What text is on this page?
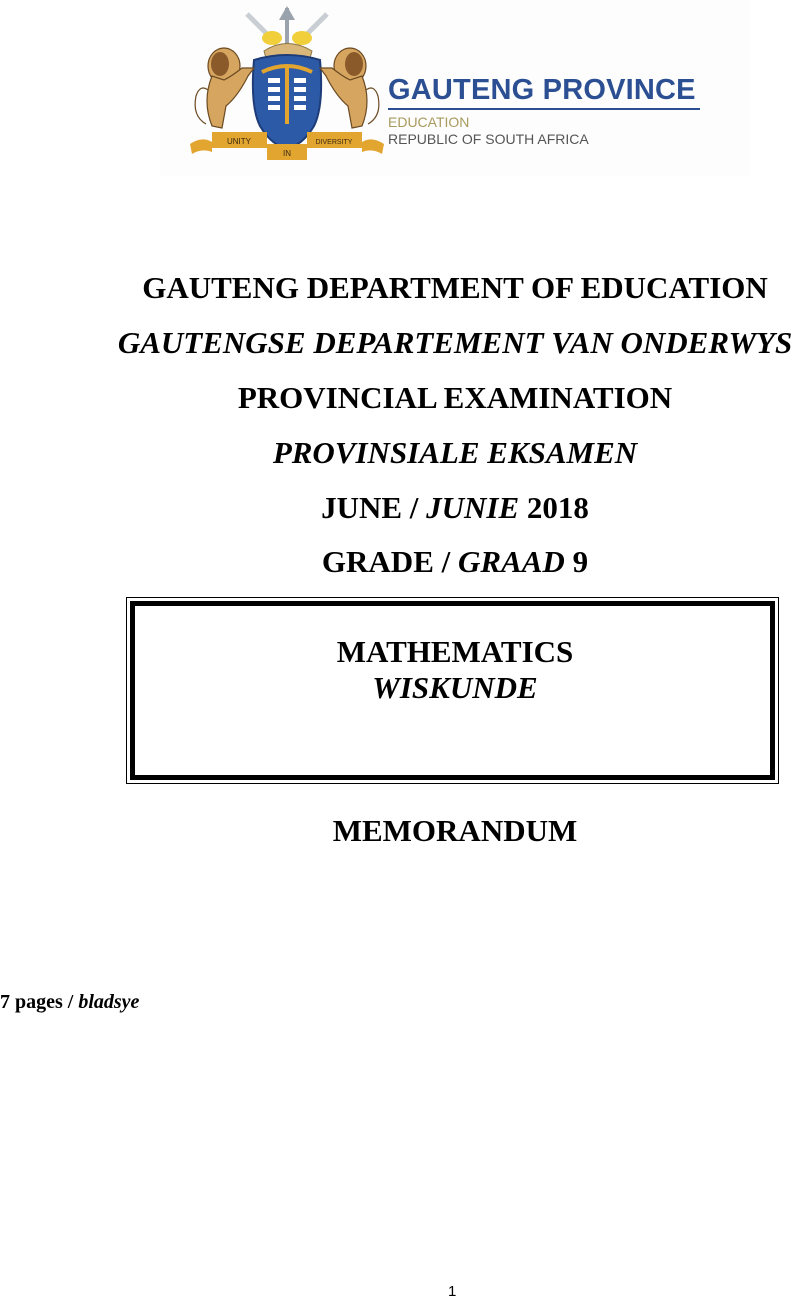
UNITY
IN
DIVERSITY
GAUTENG PROVINCE
EDUCATION
REPUBLIC OF SOUTH AFRICA
GAUTENG DEPARTMENT OF EDUCATION
GAUTENGSE DEPARTEMENT VAN ONDERWYS
PROVINCIAL EXAMINATION
PROVINSIALE EKSAMEN
JUNE / JUNIE 2018
GRADE / GRAAD 9
MATHEMATICS
WISKUNDE
MEMORANDUM
7 pages / bladsye
1
